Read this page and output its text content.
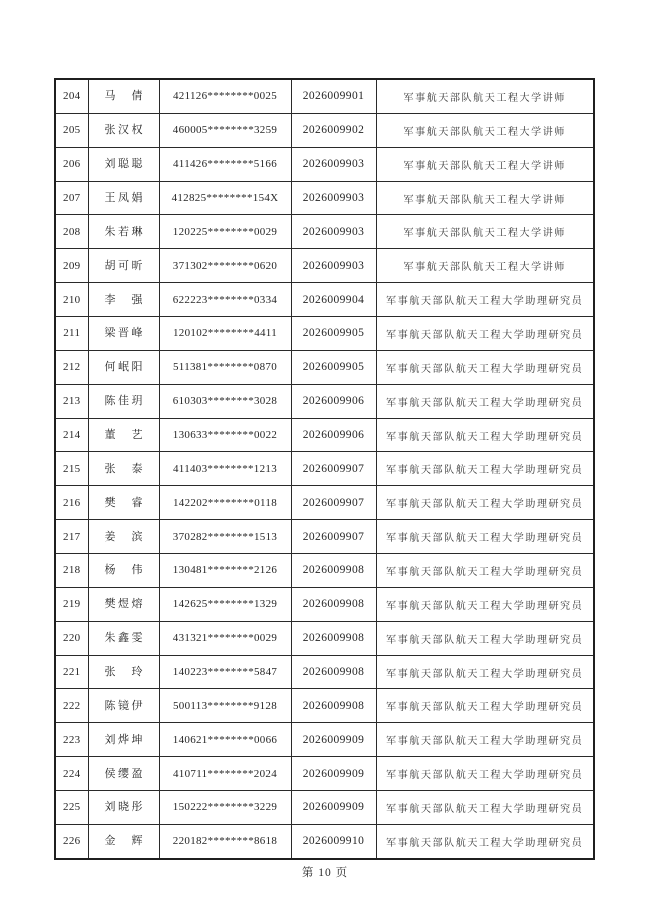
204	马倩	421126********0025	2026009901	军事航天部队航天工程大学讲师
205	张汉权	460005********3259	2026009902	军事航天部队航天工程大学讲师
206	刘聪聪	411426********5166	2026009903	军事航天部队航天工程大学讲师
207	王凤娟	412825********154X	2026009903	军事航天部队航天工程大学讲师
208	朱若琳	120225********0029	2026009903	军事航天部队航天工程大学讲师
209	胡可昕	371302********0620	2026009903	军事航天部队航天工程大学讲师
210	李强	622223********0334	2026009904	军事航天部队航天工程大学助理研究员
211	梁晋峰	120102********4411	2026009905	军事航天部队航天工程大学助理研究员
212	何岷阳	511381********0870	2026009905	军事航天部队航天工程大学助理研究员
213	陈佳玥	610303********3028	2026009906	军事航天部队航天工程大学助理研究员
214	董艺	130633********0022	2026009906	军事航天部队航天工程大学助理研究员
215	张泰	411403********1213	2026009907	军事航天部队航天工程大学助理研究员
216	樊睿	142202********0118	2026009907	军事航天部队航天工程大学助理研究员
217	姜滨	370282********1513	2026009907	军事航天部队航天工程大学助理研究员
218	杨伟	130481********2126	2026009908	军事航天部队航天工程大学助理研究员
219	樊煜熔	142625********1329	2026009908	军事航天部队航天工程大学助理研究员
220	朱鑫雯	431321********0029	2026009908	军事航天部队航天工程大学助理研究员
221	张玲	140223********5847	2026009908	军事航天部队航天工程大学助理研究员
222	陈镜伊	500113********9128	2026009908	军事航天部队航天工程大学助理研究员
223	刘烨坤	140621********0066	2026009909	军事航天部队航天工程大学助理研究员
224	侯缨盈	410711********2024	2026009909	军事航天部队航天工程大学助理研究员
225	刘晓彤	150222********3229	2026009909	军事航天部队航天工程大学助理研究员
226	金辉	220182********8618	2026009910	军事航天部队航天工程大学助理研究员
第 10 页
